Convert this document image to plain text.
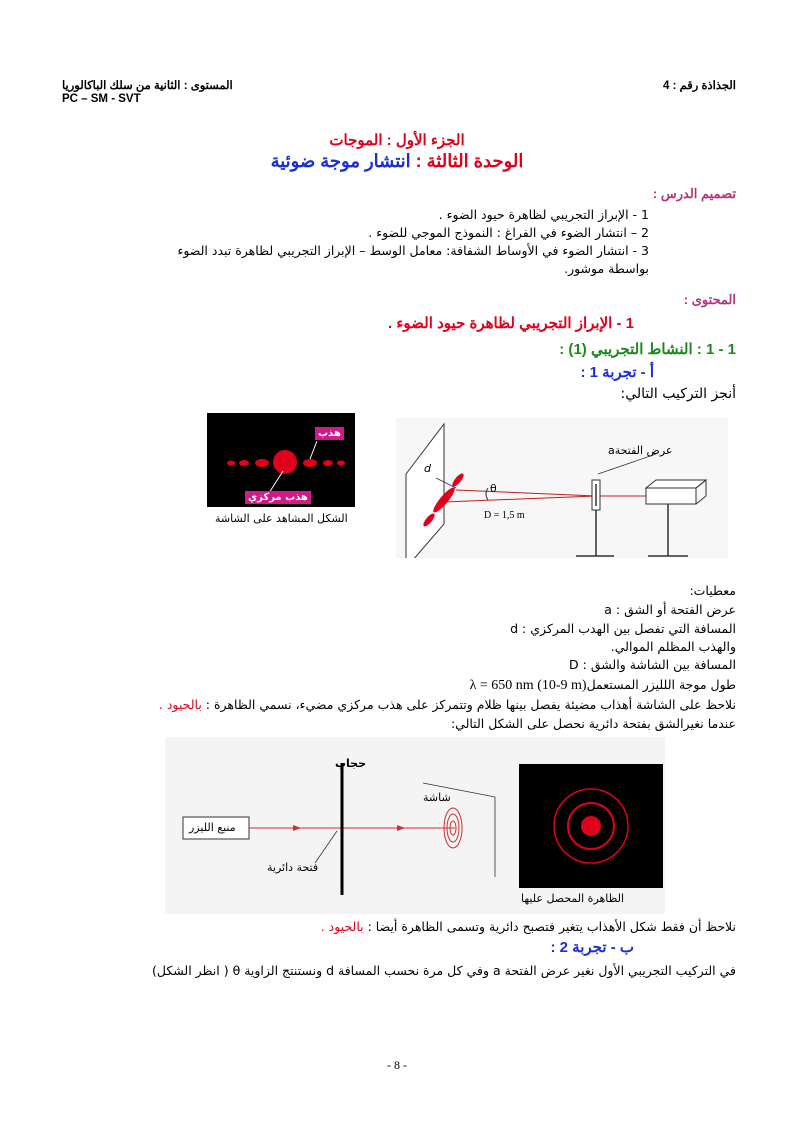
الجذاذة رقم : 4
المستوى : الثانية من سلك الباكالوريا
PC – SM - SVT
الجزء الأول : الموجات
الوحدة الثالثة : انتشار موجة ضوئية
تصميم الدرس :
1 - الإبراز التجريبي لظاهرة حيود الضوء .
2 – انتشار الضوء في الفراغ : النموذج الموجي للضوء .
3 - انتشار الضوء في الأوساط الشفافة: معامل الوسط – الإبراز التجريبي لظاهرة تبدد الضوء
بواسطة موشور.
المحتوى :
1 - الإبراز التجريبي لظاهرة حيود الضوء .
1 - 1 : النشاط التجريبي (1) :
أ - تجربة 1 :
أنجز التركيب التالي:
هذب
هذب مركزي
الشكل المشاهد على الشاشة
aعرض الفتحة
d
θ
D = 1,5 m
معطيات:
a : عرض الفتحة أو الشق
d : المسافة التي تفصل بين الهدب المركزي
والهذب المظلم الموالي.
D : المسافة بين الشاشة والشق
طول موجة اللليزر المستعملλ = 650 nm (10-9 m)
نلاحظ على الشاشة أهذاب مضيئة يفصل بينها ظلام وتتمركز على هذب مركزي مضيء، نسمي الظاهرة : بالحيود .
عندما نغيرالشق بفتحة دائرية نحصل على الشكل التالي:
حجاب
شاشة
منبع الليزر
فتحة دائرية
الظاهرة المحصل عليها
نلاحظ أن فقط شكل الأهذاب يتغير فتصبح دائرية وتسمى الظاهرة أيضا : بالحيود .
ب - تجربة 2 :
في التركيب التجريبي الأول نغير عرض الفتحة a وفي كل مرة نحسب المسافة d ونستنتج الزاوية θ ( انظر الشكل)
- 8 -
